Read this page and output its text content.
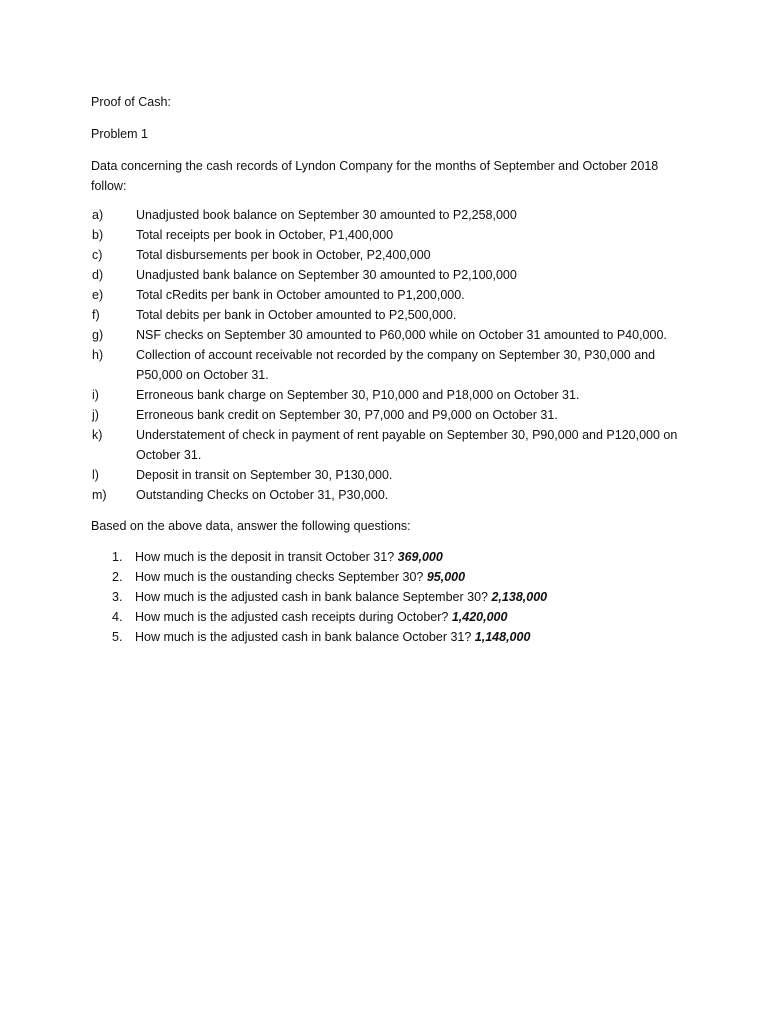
Proof of Cash:

Problem 1

Data concerning the cash records of Lyndon Company for the months of September and October 2018 follow:

a)	Unadjusted book balance on September 30 amounted to P2,258,000
b)	Total receipts per book in October, P1,400,000
c)	Total disbursements per book in October, P2,400,000
d)	Unadjusted bank balance on September 30 amounted to P2,100,000
e)	Total cRedits per bank in October amounted to P1,200,000.
f)	Total debits per bank in October amounted to P2,500,000.
g)	NSF checks on September 30 amounted to P60,000 while on October 31 amounted to P40,000.
h)	Collection of account receivable not recorded by the company on September 30, P30,000 and P50,000 on October 31.
i)	Erroneous bank charge on September 30, P10,000 and P18,000 on October 31.
j)	Erroneous bank credit on September 30, P7,000 and P9,000 on October 31.
k)	Understatement of check in payment of rent payable on September 30, P90,000 and P120,000 on October 31.
l)	Deposit in transit on September 30, P130,000.
m)	Outstanding Checks on October 31, P30,000.

Based on the above data, answer the following questions:

1.	How much is the deposit in transit October 31? 369,000
2.	How much is the oustanding checks September 30? 95,000
3.	How much is the adjusted cash in bank balance September 30? 2,138,000
4.	How much is the adjusted cash receipts during October? 1,420,000
5.	How much is the adjusted cash in bank balance October 31? 1,148,000
